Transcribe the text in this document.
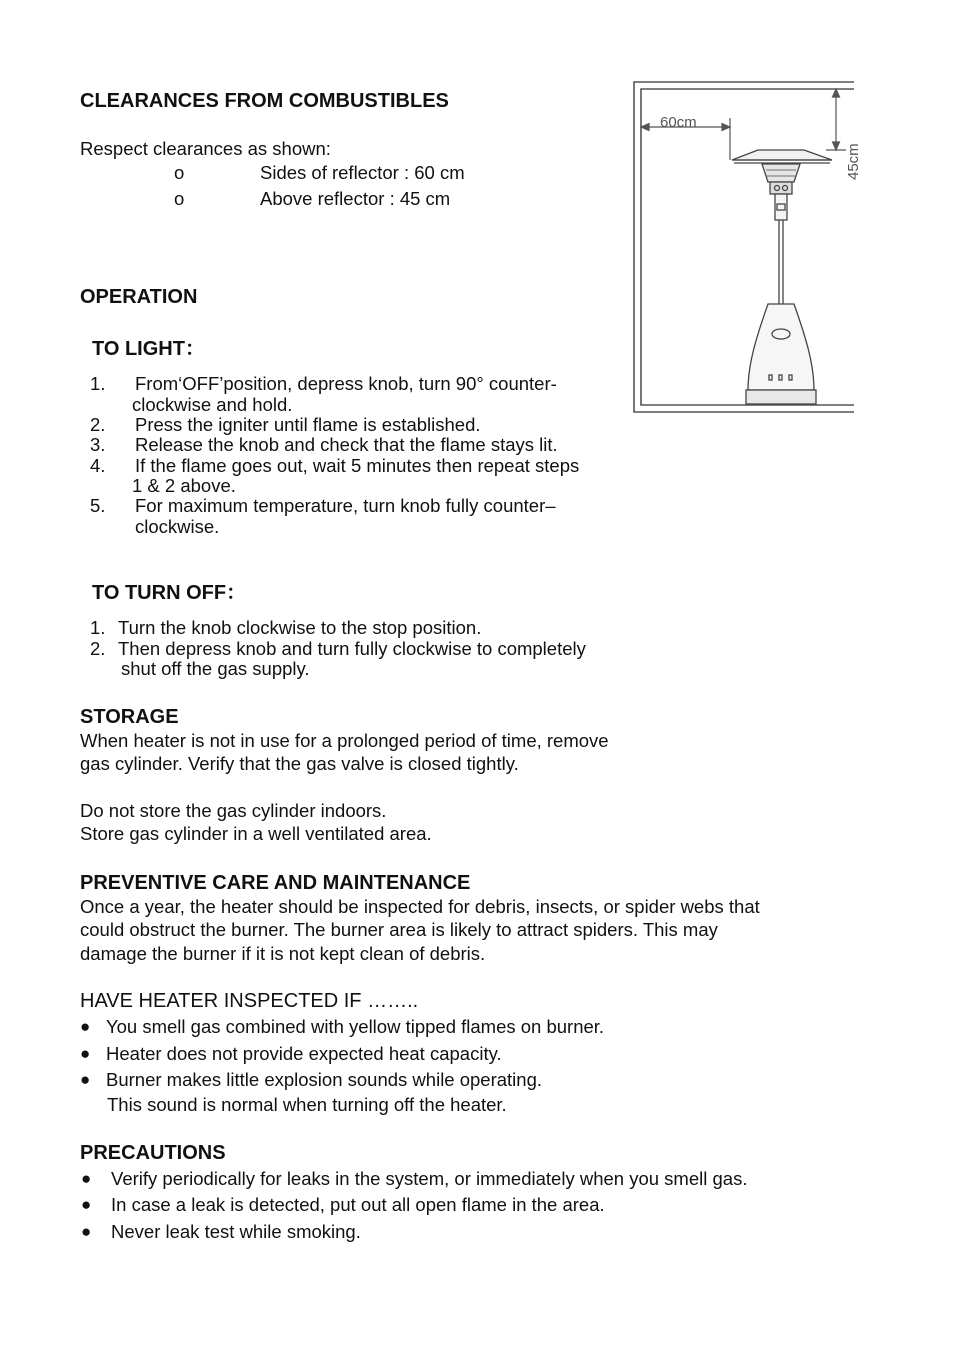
CLEARANCES FROM COMBUSTIBLES
Respect clearances as shown:
o	Sides of reflector : 60 cm
o	Above reflector : 45 cm
60cm
45cm
OPERATION
TO LIGHT：
1. From‘OFF’position, depress knob, turn 90° counter-
clockwise and hold.
2. Press the igniter until flame is established.
3. Release the knob and check that the flame stays lit.
4. If the flame goes out, wait 5 minutes then repeat steps
1 & 2 above.
5. For maximum temperature, turn knob fully counter–
clockwise.
TO TURN OFF：
1. Turn the knob clockwise to the stop position.
2. Then depress knob and turn fully clockwise to completely
shut off the gas supply.
STORAGE
When heater is not in use for a prolonged period of time, remove
gas cylinder. Verify that the gas valve is closed tightly.
Do not store the gas cylinder indoors.
Store gas cylinder in a well ventilated area.
PREVENTIVE CARE AND MAINTENANCE
Once a year, the heater should be inspected for debris, insects, or spider webs that
could obstruct the burner. The burner area is likely to attract spiders. This may
damage the burner if it is not kept clean of debris.
HAVE HEATER INSPECTED IF ……..
● You smell gas combined with yellow tipped flames on burner.
● Heater does not provide expected heat capacity.
● Burner makes little explosion sounds while operating.
This sound is normal when turning off the heater.
PRECAUTIONS
● Verify periodically for leaks in the system, or immediately when you smell gas.
● In case a leak is detected, put out all open flame in the area.
● Never leak test while smoking.
